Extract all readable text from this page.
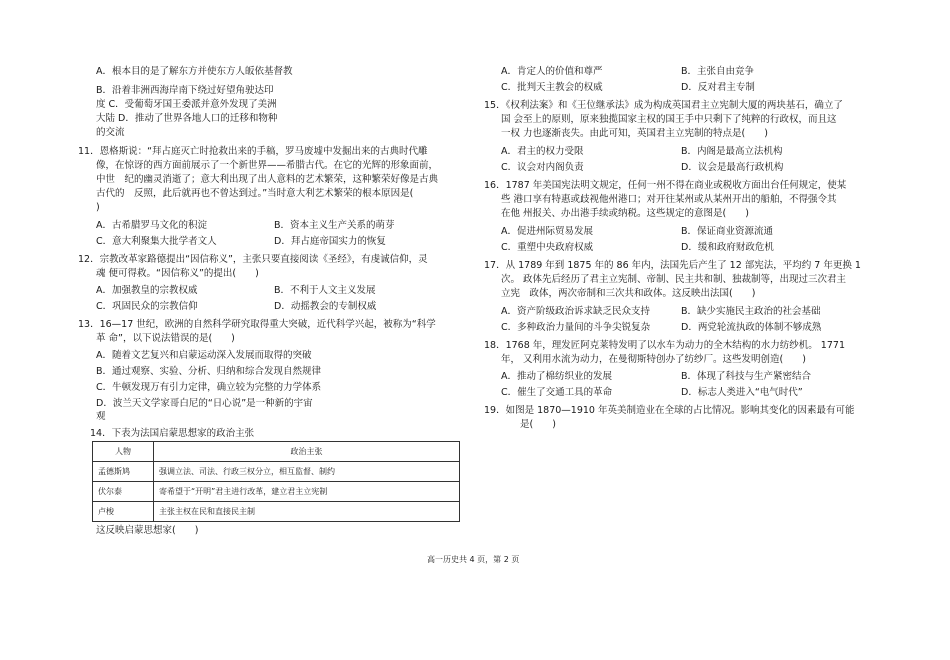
A．根本目的是了解东方并使东方人皈依基督教
B．沿着非洲西海岸南下绕过好望角驶达印
度 C．受葡萄牙国王委派并意外发现了美洲
大陆 D．推动了世界各地人口的迁移和物种
的交流
11．恩格斯说：“拜占庭灭亡时抢救出来的手稿，罗马废墟中发掘出来的古典时代雕
像，在惊讶的西方面前展示了一个新世界——希腊古代。在它的光辉的形象面前，
中世　纪的幽灵消逝了；意大利出现了出人意料的艺术繁荣，这种繁荣好像是古典
古代的　反照，此后就再也不曾达到过。”当时意大利艺术繁荣的根本原因是(
)
A．古希腊罗马文化的积淀	B．资本主义生产关系的萌芽
C．意大利聚集大批学者文人	D．拜占庭帝国实力的恢复
12．宗教改革家路德提出“因信称义”，主张只要直接阅读《圣经》，有虔诚信仰，灵
魂 便可得救。“因信称义”的提出(　　)
A．加强教皇的宗教权威	B．不利于人文主义发展
C．巩固民众的宗教信仰	D．动摇教会的专制权威
13．16—17 世纪，欧洲的自然科学研究取得重大突破，近代科学兴起，被称为“科学
革 命”，以下说法错误的是(　　)
A．随着文艺复兴和启蒙运动深入发展而取得的突破
B．通过观察、实验、分析、归纳和综合发现自然规律
C．牛顿发现万有引力定律，确立较为完整的力学体系
D．波兰天文学家哥白尼的“日心说”是一种新的宇宙
观
14．下表为法国启蒙思想家的政治主张
人物	政治主张
孟德斯鸠	强调立法、司法、行政三权分立，相互监督、制约
伏尔泰	寄希望于“开明”君主进行改革，建立君主立宪制
卢梭	主张主权在民和直接民主制
这反映启蒙思想家(　　)
A．肯定人的价值和尊严	B．主张自由竞争
C．批判天主教会的权威	D．反对君主专制
15．《权利法案》和《王位继承法》成为构成英国君主立宪制大厦的两块基石，确立了
国 会至上的原则，原来独揽国家主权的国王手中只剩下了纯粹的行政权，而且这
一权 力也逐渐丧失。由此可知，英国君主立宪制的特点是(　　)
A．君主的权力受限	B．内阁是最高立法机构
C．议会对内阁负责	D．议会是最高行政机构
16．1787 年美国宪法明文规定，任何一州不得在商业或税收方面出台任何规定，使某
些 港口享有特惠或歧视他州港口；对开往某州或从某州开出的船舶，不得强令其
在他 州报关、办出港手续或纳税。这些规定的意图是(　　)
A．促进州际贸易发展	B．保证商业资源流通
C．重塑中央政府权威	D．缓和政府财政危机
17．从 1789 年到 1875 年的 86 年内，法国先后产生了 12 部宪法，平均约 7 年更换 1
次。 政体先后经历了君主立宪制、帝制、民主共和制、独裁制等，出现过三次君主
立宪　政体，两次帝制和三次共和政体。这反映出法国(　　)
A．资产阶级政治诉求缺乏民众支持	B．缺少实施民主政治的社会基础
C．多种政治力量间的斗争尖锐复杂	D．两党轮流执政的体制不够成熟
18．1768 年，理发匠阿克莱特发明了以水车为动力的全木结构的水力纺纱机。 1771
年， 又利用水流为动力，在曼彻斯特创办了纺纱厂。这些发明创造(　　)
A．推动了棉纺织业的发展	B．体现了科技与生产紧密结合
C．催生了交通工具的革命	D．标志人类进入“电气时代”
19．如图是 1870—1910 年英美制造业在全球的占比情况。影响其变化的因素最有可能
是(　　)
高一历史共 4 页，第 2 页
